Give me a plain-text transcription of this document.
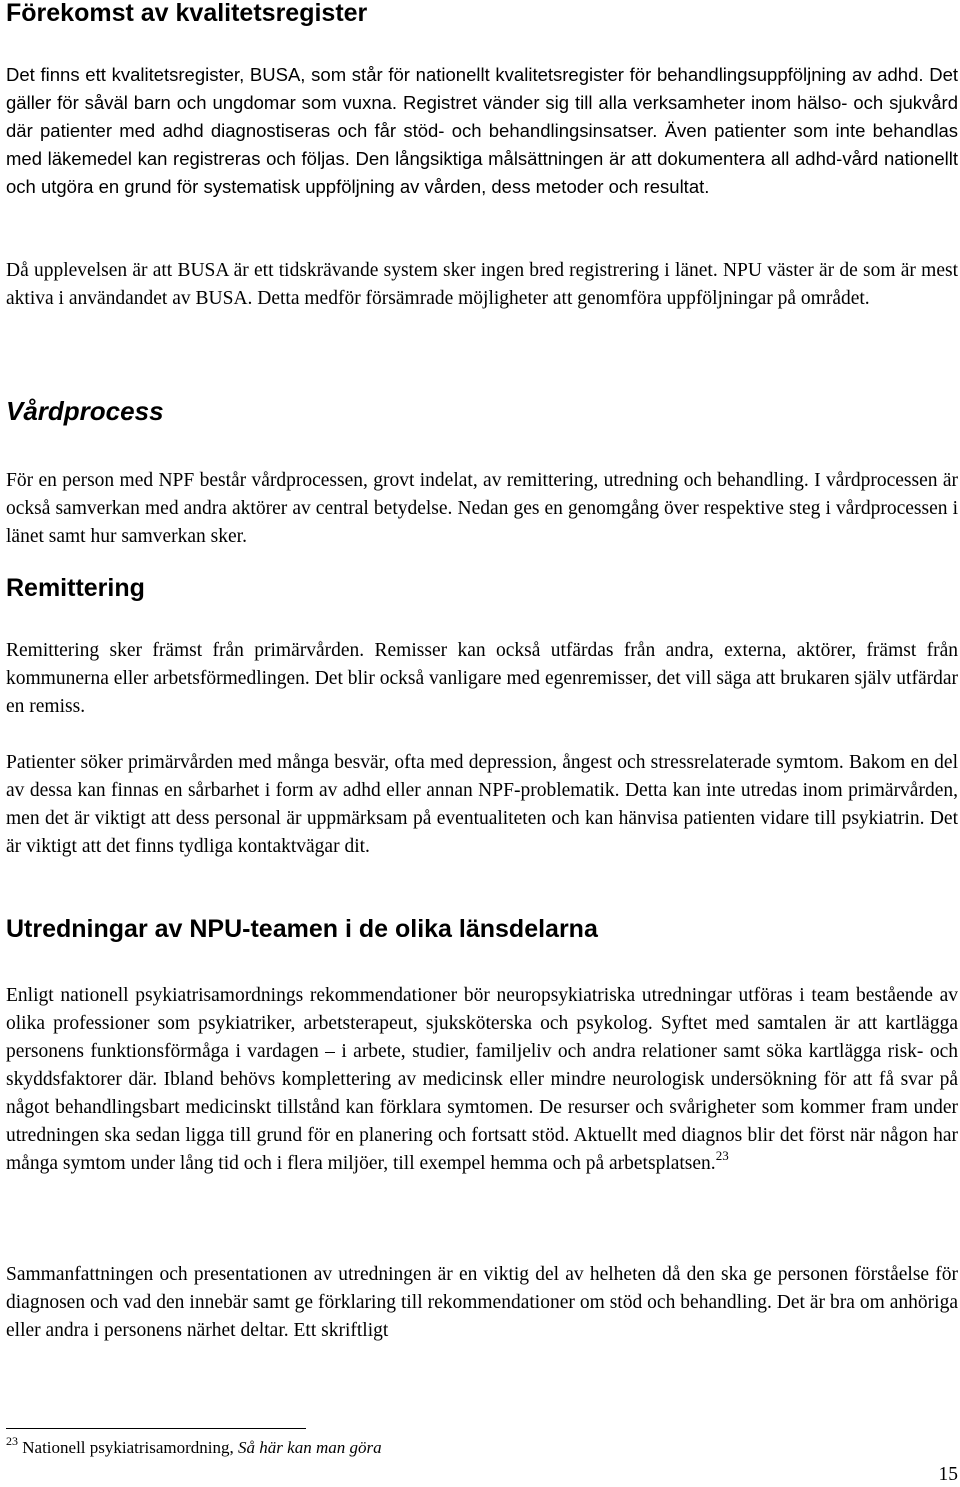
Förekomst av kvalitetsregister

Det finns ett kvalitetsregister, BUSA, som står för nationellt kvalitetsregister för behandlingsuppföljning av adhd. Det gäller för såväl barn och ungdomar som vuxna. Registret vänder sig till alla verksamheter inom hälso- och sjukvård där patienter med adhd diagnostiseras och får stöd- och behandlingsinsatser. Även patienter som inte behandlas med läkemedel kan registreras och följas. Den långsiktiga målsättningen är att dokumentera all adhd-vård nationellt och utgöra en grund för systematisk uppföljning av vården, dess metoder och resultat.

Då upplevelsen är att BUSA är ett tidskrävande system sker ingen bred registrering i länet. NPU väster är de som är mest aktiva i användandet av BUSA. Detta medför försämrade möjligheter att genomföra uppföljningar på området.

Vårdprocess

För en person med NPF består vårdprocessen, grovt indelat, av remittering, utredning och behandling. I vårdprocessen är också samverkan med andra aktörer av central betydelse. Nedan ges en genomgång över respektive steg i vårdprocessen i länet samt hur samverkan sker.

Remittering

Remittering sker främst från primärvården. Remisser kan också utfärdas från andra, externa, aktörer, främst från kommunerna eller arbetsförmedlingen. Det blir också vanligare med egenremisser, det vill säga att brukaren själv utfärdar en remiss.

Patienter söker primärvården med många besvär, ofta med depression, ångest och stressrelaterade symtom. Bakom en del av dessa kan finnas en sårbarhet i form av adhd eller annan NPF-problematik. Detta kan inte utredas inom primärvården, men det är viktigt att dess personal är uppmärksam på eventualiteten och kan hänvisa patienten vidare till psykiatrin. Det är viktigt att det finns tydliga kontaktvägar dit.

Utredningar av NPU-teamen i de olika länsdelarna

Enligt nationell psykiatrisamordnings rekommendationer bör neuropsykiatriska utredningar utföras i team bestående av olika professioner som psykiatriker, arbetsterapeut, sjuksköterska och psykolog. Syftet med samtalen är att kartlägga personens funktionsförmåga i vardagen – i arbete, studier, familjeliv och andra relationer samt söka kartlägga risk- och skyddsfaktorer där. Ibland behövs komplettering av medicinsk eller mindre neurologisk undersökning för att få svar på något behandlingsbart medicinskt tillstånd kan förklara symtomen. De resurser och svårigheter som kommer fram under utredningen ska sedan ligga till grund för en planering och fortsatt stöd. Aktuellt med diagnos blir det först när någon har många symtom under lång tid och i flera miljöer, till exempel hemma och på arbetsplatsen.$^{23}$

Sammanfattningen och presentationen av utredningen är en viktig del av helheten då den ska ge personen förståelse för diagnosen och vad den innebär samt ge förklaring till rekommendationer om stöd och behandling. Det är bra om anhöriga eller andra i personens närhet deltar. Ett skriftligt

$^{23}$ Nationell psykiatrisamordning, Så här kan man göra
15
